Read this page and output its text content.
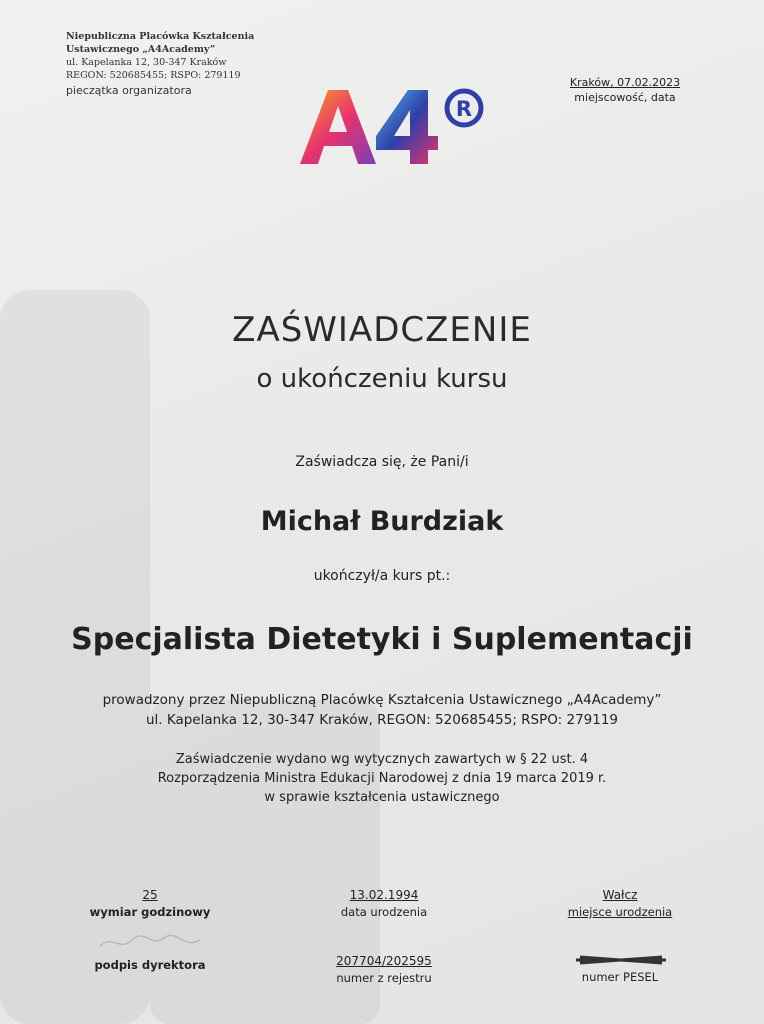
Niepubliczna Placówka Kształcenia
Ustawicznego „A4Academy”
ul. Kapelanka 12, 30-347 Kraków
REGON: 520685455; RSPO: 279119
pieczątka organizatora
Kraków, 07.02.2023
miejscowość, data
R
ZAŚWIADCZENIE
o ukończeniu kursu
Zaświadcza się, że Pani/i
Michał Burdziak
ukończył/a kurs pt.:
Specjalista Dietetyki i Suplementacji
prowadzony przez Niepubliczną Placówkę Kształcenia Ustawicznego „A4Academy”
ul. Kapelanka 12, 30-347 Kraków, REGON: 520685455; RSPO: 279119
Zaświadczenie wydano wg wytycznych zawartych w § 22 ust. 4
Rozporządzenia Ministra Edukacji Narodowej z dnia 19 marca 2019 r.
w sprawie kształcenia ustawicznego
25
wymiar godzinowy
13.02.1994
data urodzenia
Wałcz
miejsce urodzenia
podpis dyrektora	207704/202595
numer z rejestru	numer PESEL
